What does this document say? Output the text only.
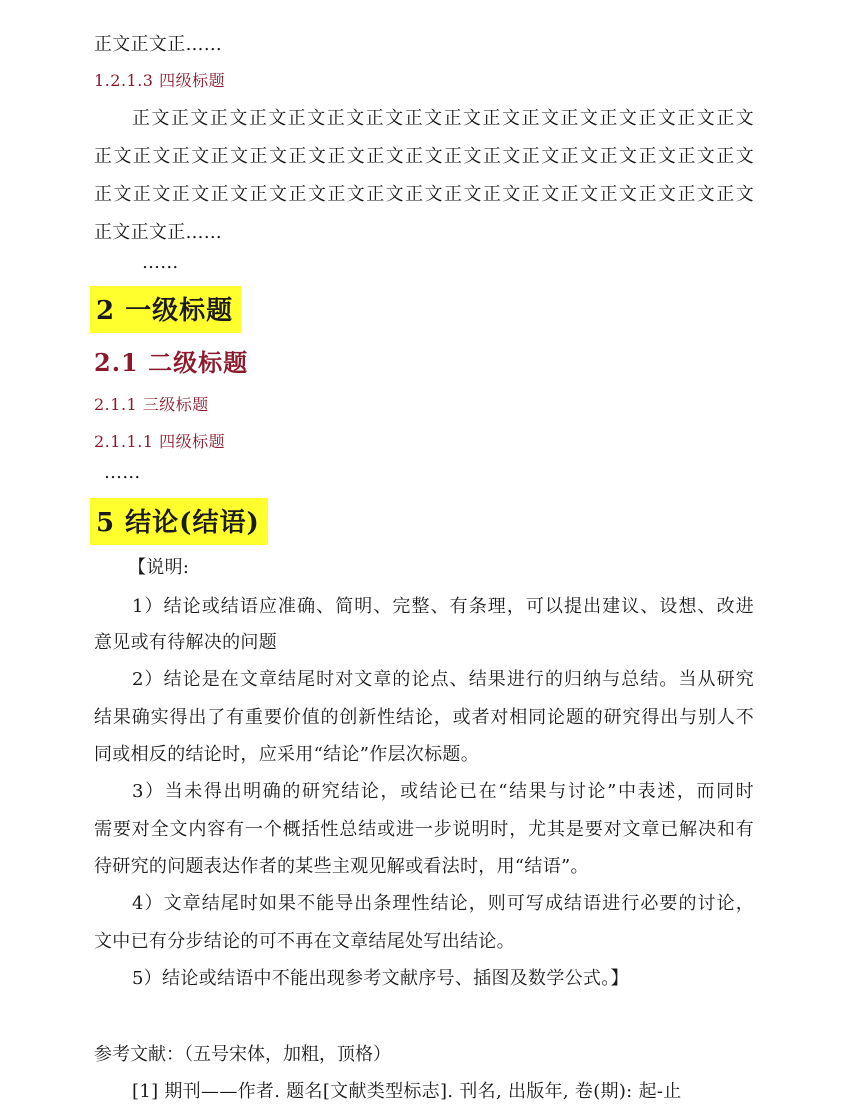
正文正文正……
1.2.1.3 四级标题
正文正文正文正文正文正文正文正文正文正文正文正文正文正文正文正文
正文正文正文正文正文正文正文正文正文正文正文正文正文正文正文正文正文
正文正文正文正文正文正文正文正文正文正文正文正文正文正文正文正文正文
正文正文正……
……
2 一级标题
2.1 二级标题
2.1.1 三级标题
2.1.1.1 四级标题
……
5 结论(结语)
【说明:
1）结论或结语应准确、简明、完整、有条理，可以提出建议、设想、改进
意见或有待解决的问题
2）结论是在文章结尾时对文章的论点、结果进行的归纳与总结。当从研究
结果确实得出了有重要价值的创新性结论，或者对相同论题的研究得出与别人不
同或相反的结论时，应采用“结论”作层次标题。
3）当未得出明确的研究结论，或结论已在“结果与讨论”中表述，而同时
需要对全文内容有一个概括性总结或进一步说明时，尤其是要对文章已解决和有
待研究的问题表达作者的某些主观见解或看法时，用“结语”。
4）文章结尾时如果不能导出条理性结论，则可写成结语进行必要的讨论，
文中已有分步结论的可不再在文章结尾处写出结论。
5）结论或结语中不能出现参考文献序号、插图及数学公式。】
参考文献：（五号宋体，加粗，顶格）
[1] 期刊——作者. 题名[文献类型标志]. 刊名, 出版年, 卷(期): 起-止
